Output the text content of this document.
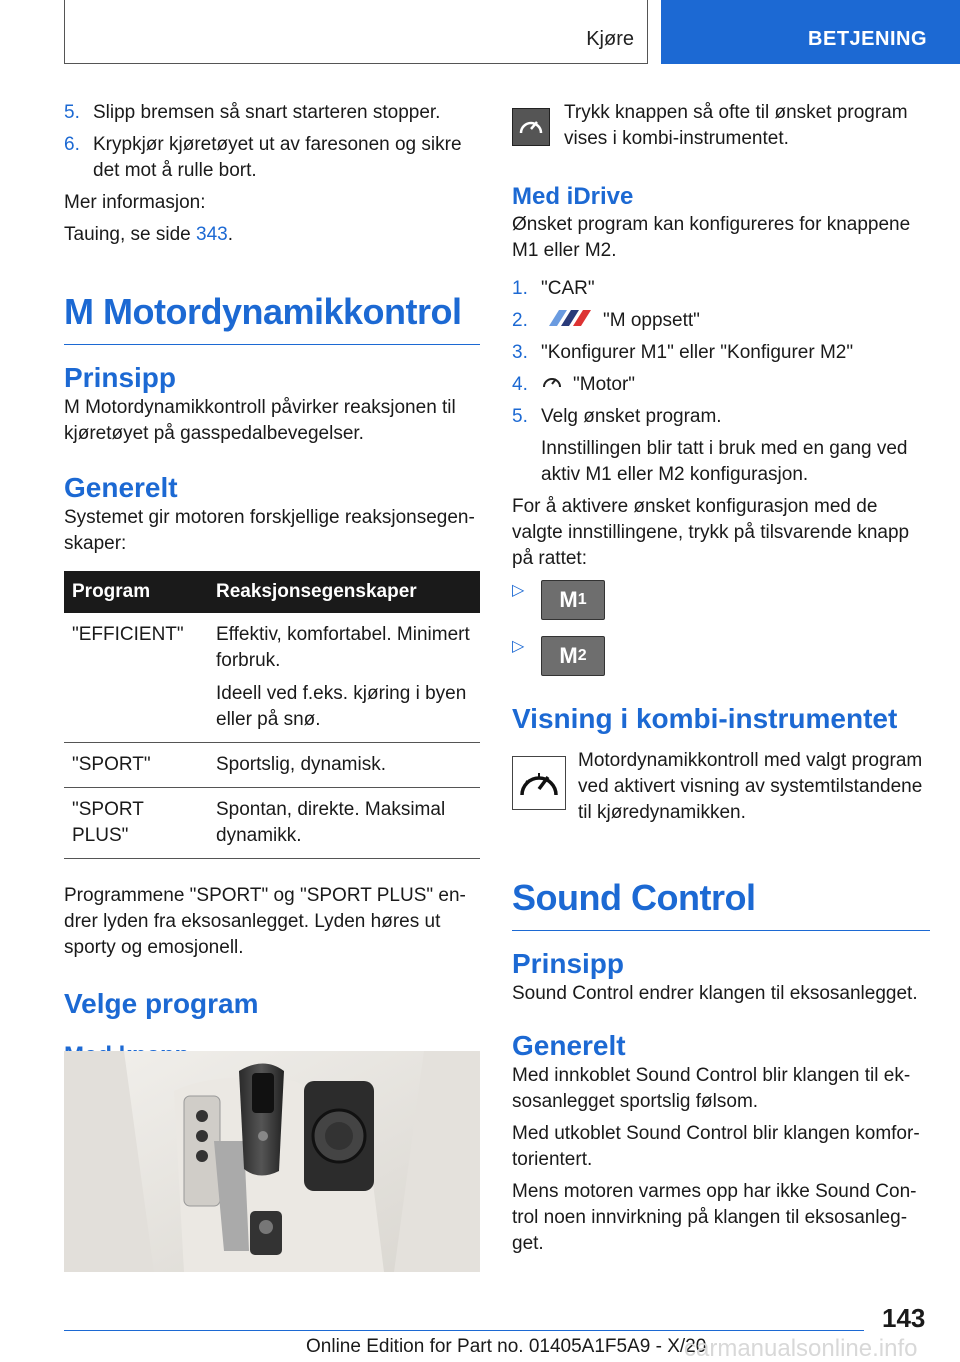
Kjøre	BETJENING
5. Slipp bremsen så snart starteren stopper.
6. Krypkjør kjøretøyet ut av faresonen og sikre det mot å rulle bort.

Mer informasjon:

Tauing, se side 343.

M Motordynamikkontrol
Prinsipp

M Motordynamikkontroll påvirker reaksjonen til kjøretøyet på gasspedalbevegelser.

Generelt

Systemet gir motoren forskjellige reaksjonsegenskaper:

Program	Reaksjonsegenskaper
"EFFICIENT"	Effektiv, komfortabel. Minimert forbruk.

Ideell ved f.eks. kjøring i byen eller på snø.

"SPORT"	Sportslig, dynamisk.

"SPORT PLUS"	Spontan, direkte. Maksimal dynamikk.

Programmene "SPORT" og "SPORT PLUS" endrer lyden fra eksosanlegget. Lyden høres ut sporty og emosjonell.

Velge program

Trykk knappen så ofte til ønsket program vises i kombi-instrumentet.

Med iDrive

Ønsket program kan konfigureres for knappene M1 eller M2.

1. "CAR"
2.	"M oppsett"
3. "Konfigurer M1" eller "Konfigurer M2"
4. "Motor"
5. Velg ønsket program.

Innstillingen blir tatt i bruk med en gang ved aktiv M1 eller M2 konfigurasjon.

For å aktivere ønsket konfigurasjon med de valgte innstillingene, trykk på tilsvarende knapp på rattet:

▷	M 1
▷	M 2
Visning i kombi-instrumentet

Motordynamikkontroll med valgt program ved aktivert visning av systemtilstandene til kjøredynamikken.

Sound Control
Prinsipp

Sound Control endrer klangen til eksosanlegget.

Generelt

Med innkoblet Sound Control blir klangen til eksosanlegget sportslig følsom.

Med utkoblet Sound Control blir klangen komfortorientert.

Mens motoren varmes opp har ikke Sound Control noen innvirkning på klangen til eksosanlegget.

143
Online Edition for Part no. 01405A1F5A9 - X/20
carmanualsonline.info
